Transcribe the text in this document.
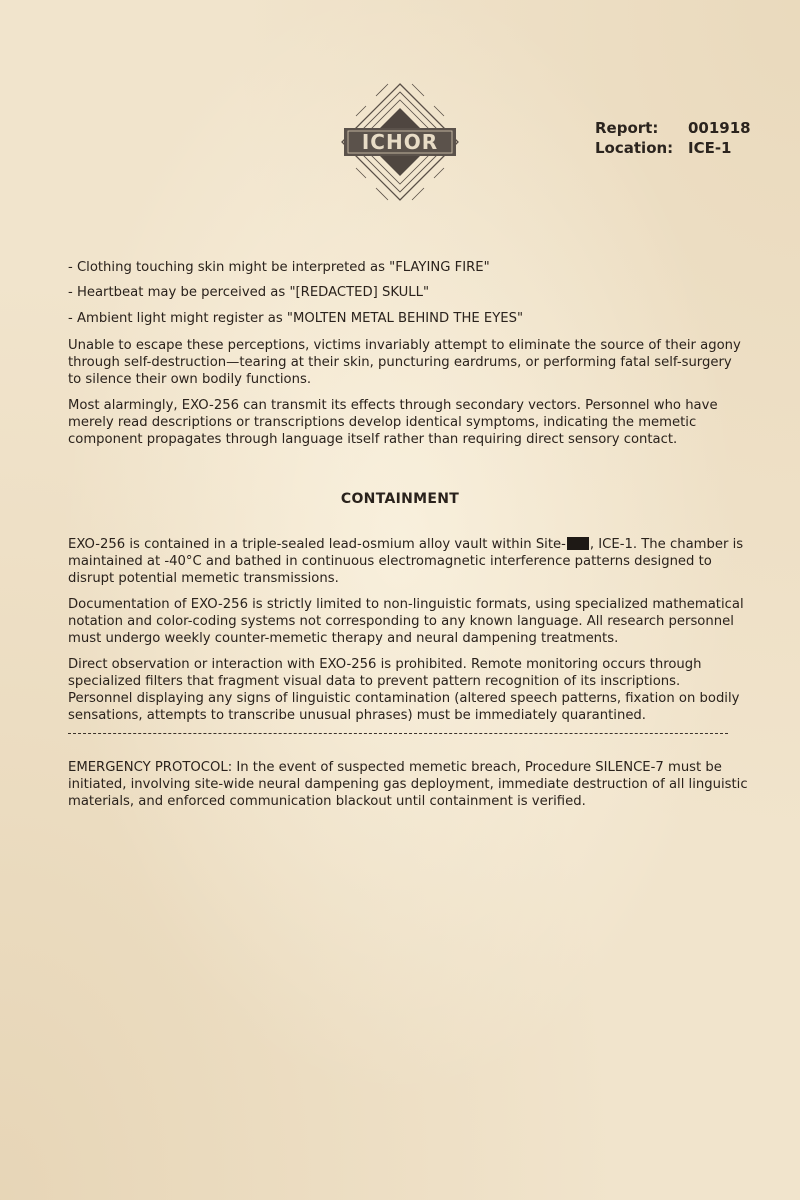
ICHOR
Report:	001918
Location: ICE-1
- Clothing touching skin might be interpreted as "FLAYING FIRE"
- Heartbeat may be perceived as "[REDACTED] SKULL"
- Ambient light might register as "MOLTEN METAL BEHIND THE EYES"

Unable to escape these perceptions, victims invariably attempt to eliminate the source of their agony through self-destruction—tearing at their skin, puncturing eardrums, or performing fatal self-surgery to silence their own bodily functions.

Most alarmingly, EXO-256 can transmit its effects through secondary vectors. Personnel who have merely read descriptions or transcriptions develop identical symptoms, indicating the memetic component propagates through language itself rather than requiring direct sensory contact.

CONTAINMENT

EXO-256 is contained in a triple-sealed lead-osmium alloy vault within Site- , ICE-1. The chamber is maintained at -40°C and bathed in continuous electromagnetic interference patterns designed to disrupt potential memetic transmissions.

Documentation of EXO-256 is strictly limited to non-linguistic formats, using specialized mathematical notation and color-coding systems not corresponding to any known language. All research personnel must undergo weekly counter-memetic therapy and neural dampening treatments.

Direct observation or interaction with EXO-256 is prohibited. Remote monitoring occurs through specialized filters that fragment visual data to prevent pattern recognition of its inscriptions. Personnel displaying any signs of linguistic contamination (altered speech patterns, fixation on bodily sensations, attempts to transcribe unusual phrases) must be immediately quarantined.

EMERGENCY PROTOCOL: In the event of suspected memetic breach, Procedure SILENCE-7 must be initiated, involving site-wide neural dampening gas deployment, immediate destruction of all linguistic materials, and enforced communication blackout until containment is verified.
